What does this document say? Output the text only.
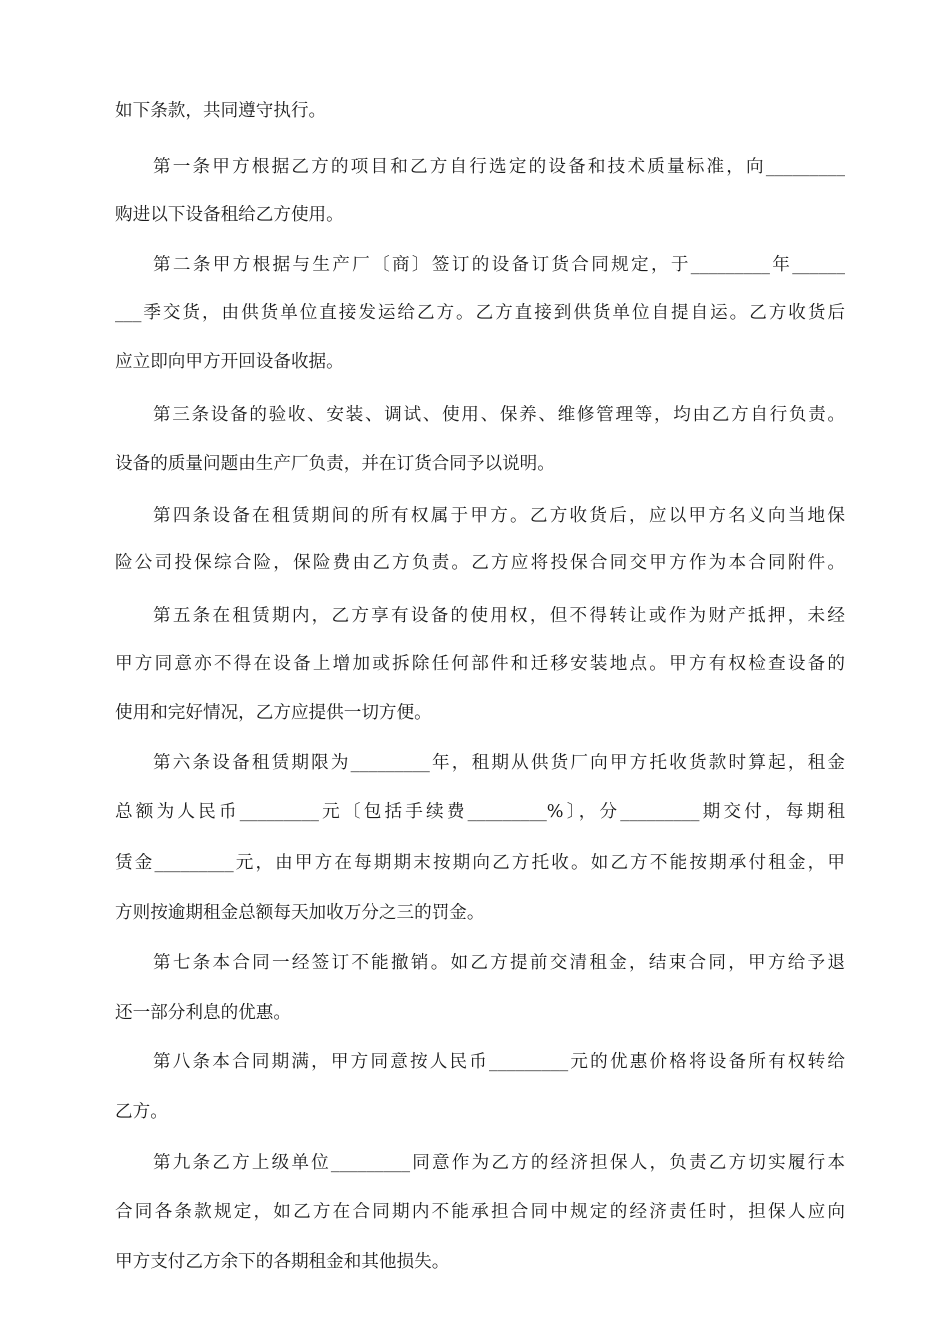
如下条款，共同遵守执行。
第一条甲方根据乙方的项目和乙方自行选定的设备和技术质量标准，向_________
购进以下设备租给乙方使用。
第二条甲方根据与生产厂〔商〕签订的设备订货合同规定，于_________年______
___季交货，由供货单位直接发运给乙方。乙方直接到供货单位自提自运。乙方收货后
应立即向甲方开回设备收据。
第三条设备的验收、安装、调试、使用、保养、维修管理等，均由乙方自行负责。
设备的质量问题由生产厂负责，并在订货合同予以说明。
第四条设备在租赁期间的所有权属于甲方。乙方收货后，应以甲方名义向当地保
险公司投保综合险，保险费由乙方负责。乙方应将投保合同交甲方作为本合同附件。
第五条在租赁期内，乙方享有设备的使用权，但不得转让或作为财产抵押，未经
甲方同意亦不得在设备上增加或拆除任何部件和迁移安装地点。甲方有权检查设备的
使用和完好情况，乙方应提供一切方便。
第六条设备租赁期限为_________年，租期从供货厂向甲方托收货款时算起，租金
总额为人民币_________元〔包括手续费_________%〕，分_________期交付，每期租
赁金_________元，由甲方在每期期末按期向乙方托收。如乙方不能按期承付租金，甲
方则按逾期租金总额每天加收万分之三的罚金。
第七条本合同一经签订不能撤销。如乙方提前交清租金，结束合同，甲方给予退
还一部分利息的优惠。
第八条本合同期满，甲方同意按人民币_________元的优惠价格将设备所有权转给
乙方。
第九条乙方上级单位_________同意作为乙方的经济担保人，负责乙方切实履行本
合同各条款规定，如乙方在合同期内不能承担合同中规定的经济责任时，担保人应向
甲方支付乙方余下的各期租金和其他损失。
